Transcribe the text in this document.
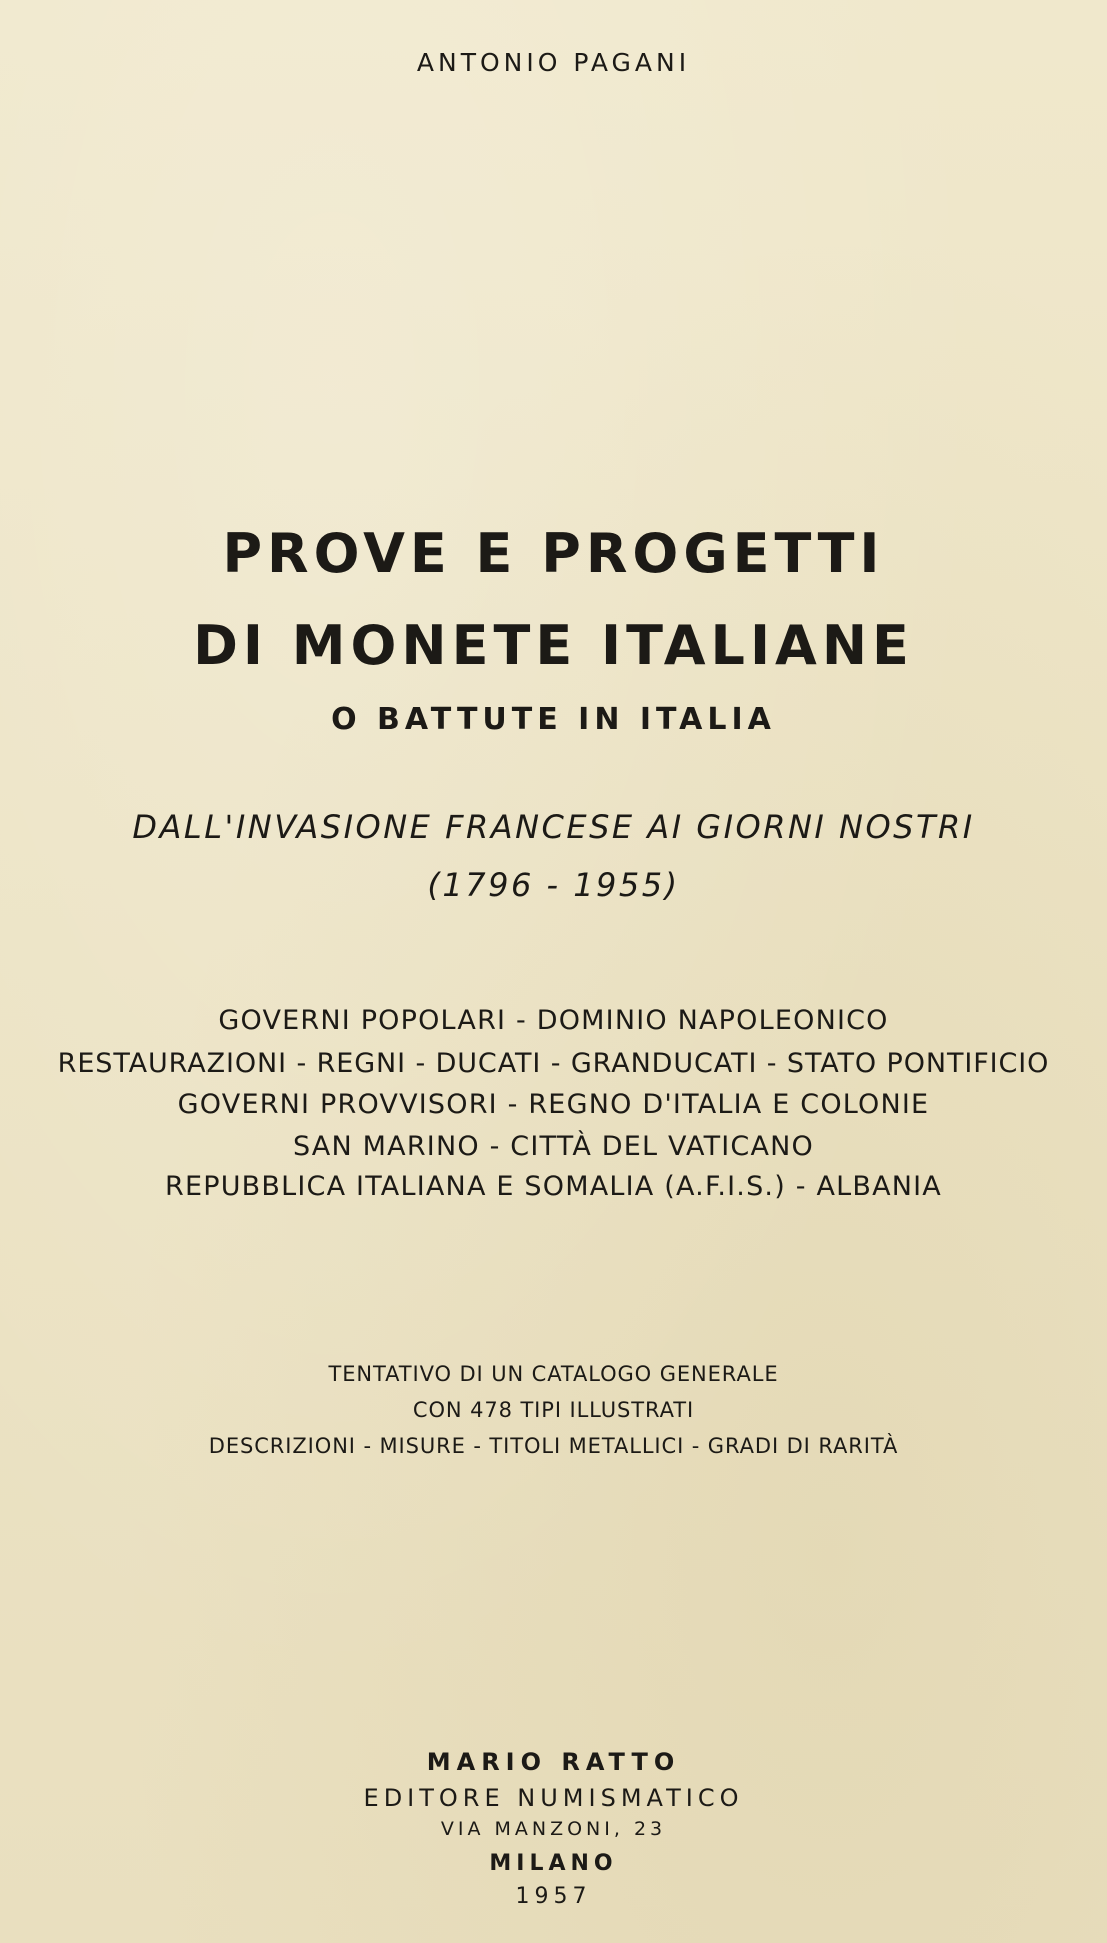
ANTONIO PAGANI

PROVE E PROGETTI

DI MONETE ITALIANE

O BATTUTE IN ITALIA

DALL'INVASIONE FRANCESE AI GIORNI NOSTRI

(1796 - 1955)

GOVERNI POPOLARI - DOMINIO NAPOLEONICO

RESTAURAZIONI - REGNI - DUCATI - GRANDUCATI - STATO PONTIFICIO

GOVERNI PROVVISORI - REGNO D'ITALIA E COLONIE

SAN MARINO - CITTÀ DEL VATICANO

REPUBBLICA ITALIANA E SOMALIA (A.F.I.S.) - ALBANIA

TENTATIVO DI UN CATALOGO GENERALE

CON 478 TIPI ILLUSTRATI

DESCRIZIONI - MISURE - TITOLI METALLICI - GRADI DI RARITÀ

MARIO RATTO

EDITORE NUMISMATICO

VIA MANZONI, 23

MILANO

1957
